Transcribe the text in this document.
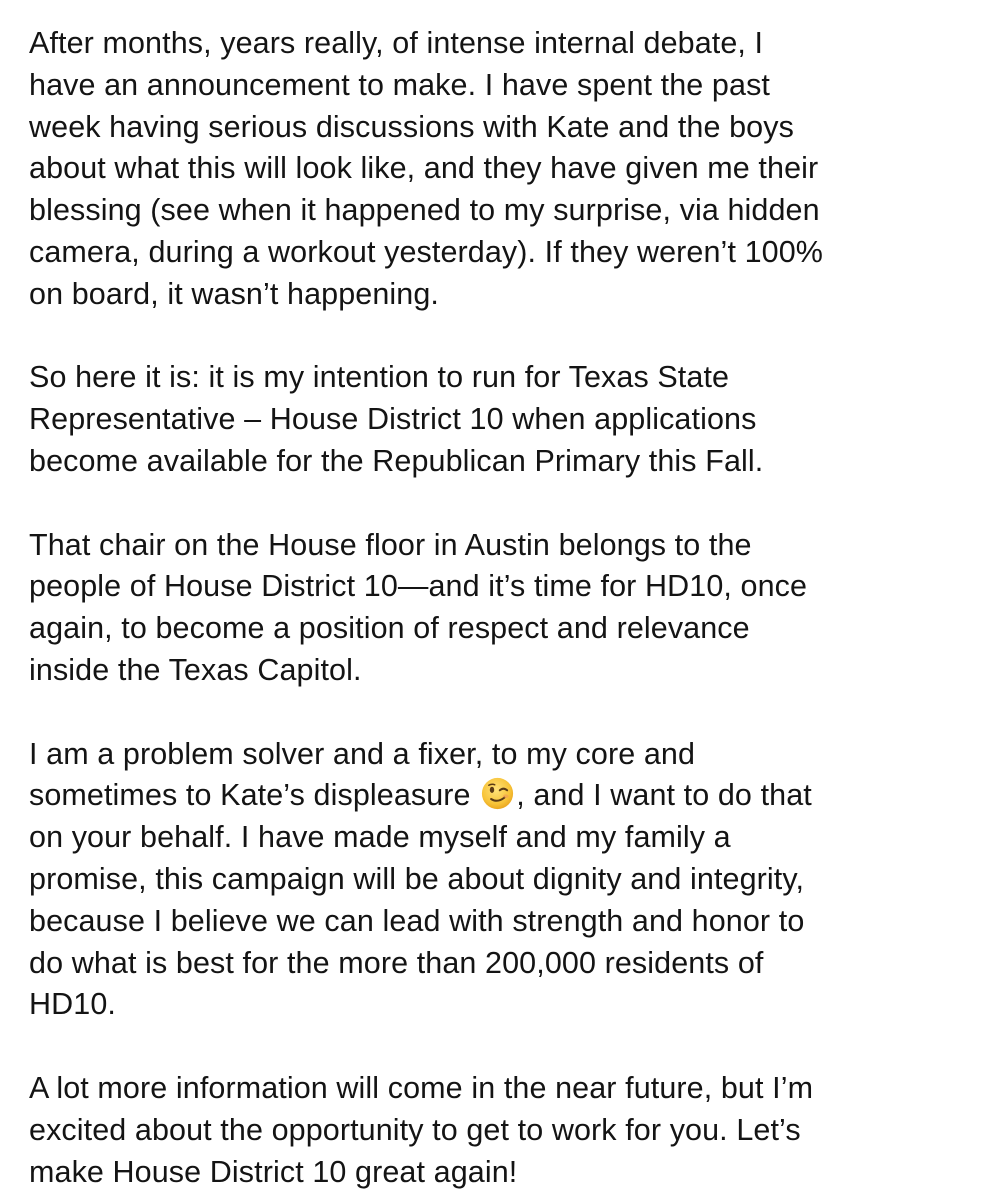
After months, years really, of intense internal debate, I
have an announcement to make. I have spent the past
week having serious discussions with Kate and the boys
about what this will look like, and they have given me their
blessing (see when it happened to my surprise, via hidden
camera, during a workout yesterday). If they weren’t 100%
on board, it wasn’t happening.
So here it is: it is my intention to run for Texas State
Representative – House District 10 when applications
become available for the Republican Primary this Fall.
That chair on the House floor in Austin belongs to the
people of House District 10—and it’s time for HD10, once
again, to become a position of respect and relevance
inside the Texas Capitol.
I am a problem solver and a fixer, to my core and
sometimes to Kate’s displeasure , and I want to do that
on your behalf. I have made myself and my family a
promise, this campaign will be about dignity and integrity,
because I believe we can lead with strength and honor to
do what is best for the more than 200,000 residents of
HD10.
A lot more information will come in the near future, but I’m
excited about the opportunity to get to work for you. Let’s
make House District 10 great again!
